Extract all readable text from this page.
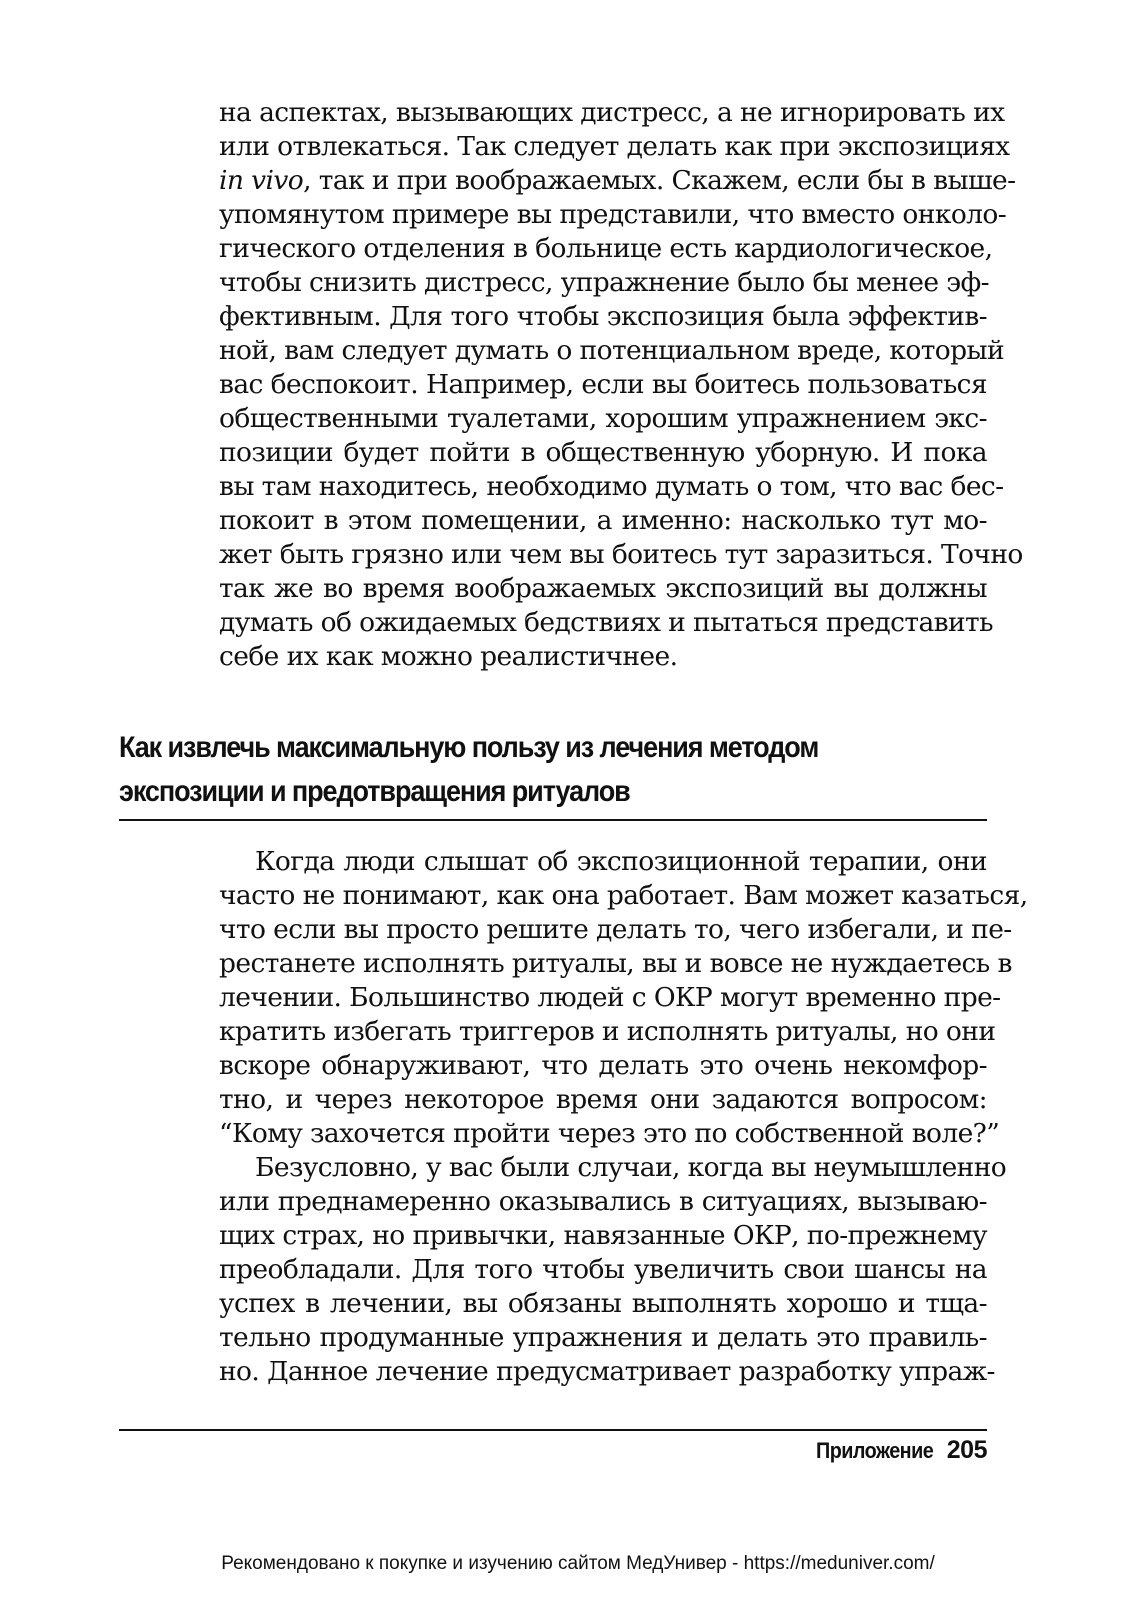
на аспектах, вызывающих дистресс, а не игнорировать их
или отвлекаться. Так следует делать как при экспозициях
in vivo, так и при воображаемых. Скажем, если бы в выше-
упомянутом примере вы представили, что вместо онколо-
гического отделения в больнице есть кардиологическое,
чтобы снизить дистресс, упражнение было бы менее эф-
фективным. Для того чтобы экспозиция была эффектив-
ной, вам следует думать о потенциальном вреде, который
вас беспокоит. Например, если вы боитесь пользоваться
общественными туалетами, хорошим упражнением экс-
позиции будет пойти в общественную уборную. И пока
вы там находитесь, необходимо думать о том, что вас бес-
покоит в этом помещении, а именно: насколько тут мо-
жет быть грязно или чем вы боитесь тут заразиться. Точно
так же во время воображаемых экспозиций вы должны
думать об ожидаемых бедствиях и пытаться представить
себе их как можно реалистичнее.
Как извлечь максимальную пользу из лечения методом
экспозиции и предотвращения ритуалов
Когда люди слышат об экспозиционной терапии, они
часто не понимают, как она работает. Вам может казаться,
что если вы просто решите делать то, чего избегали, и пе-
рестанете исполнять ритуалы, вы и вовсе не нуждаетесь в
лечении. Большинство людей с ОКР могут временно пре-
кратить избегать триггеров и исполнять ритуалы, но они
вскоре обнаруживают, что делать это очень некомфор-
тно, и через некоторое время они задаются вопросом:
“Кому захочется пройти через это по собственной воле?”
Безусловно, у вас были случаи, когда вы неумышленно
или преднамеренно оказывались в ситуациях, вызываю-
щих страх, но привычки, навязанные ОКР, по-прежнему
преобладали. Для того чтобы увеличить свои шансы на
успех в лечении, вы обязаны выполнять хорошо и тща-
тельно продуманные упражнения и делать это правиль-
но. Данное лечение предусматривает разработку упраж-
Приложение 205
Рекомендовано к покупке и изучению сайтом МедУнивер - https://meduniver.com/
